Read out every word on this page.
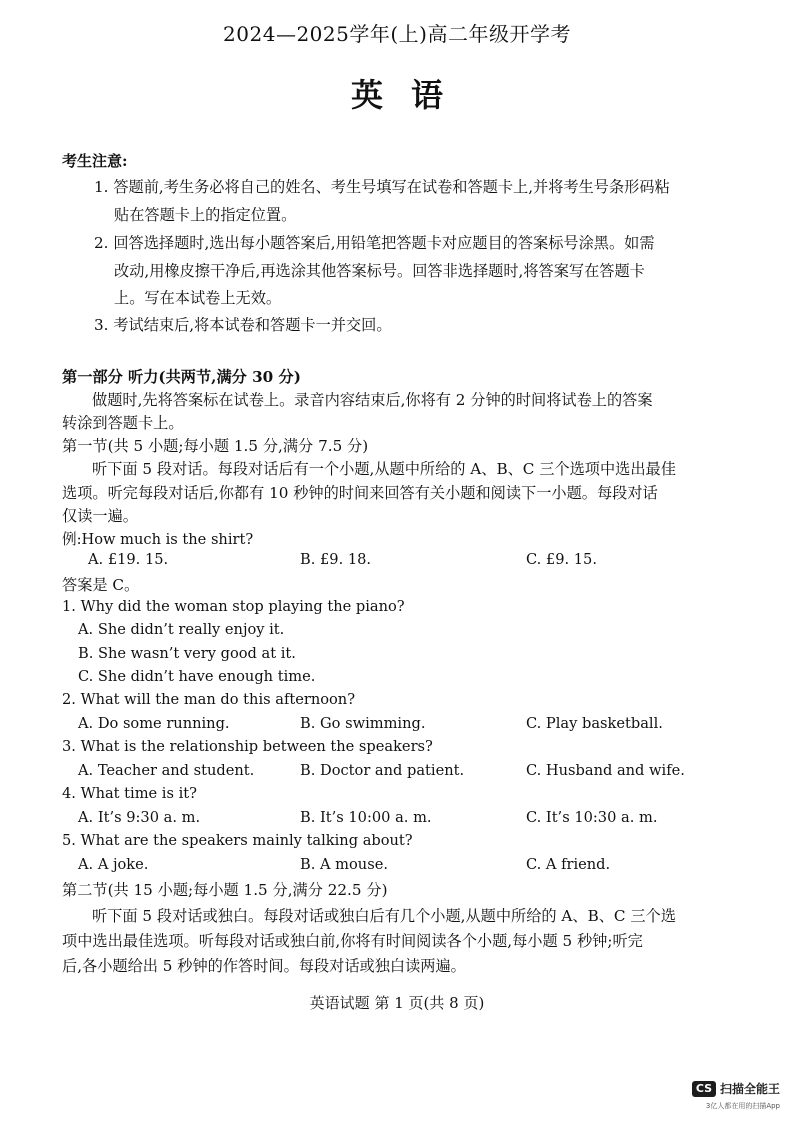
2024—2025学年(上)高二年级开学考
英语
考生注意:
1. 答题前,考生务必将自己的姓名、考生号填写在试卷和答题卡上,并将考生号条形码粘
贴在答题卡上的指定位置。
2. 回答选择题时,选出每小题答案后,用铅笔把答题卡对应题目的答案标号涂黑。如需
改动,用橡皮擦干净后,再选涂其他答案标号。回答非选择题时,将答案写在答题卡
上。写在本试卷上无效。
3. 考试结束后,将本试卷和答题卡一并交回。
第一部分 听力(共两节,满分 30 分)
做题时,先将答案标在试卷上。录音内容结束后,你将有 2 分钟的时间将试卷上的答案
转涂到答题卡上。
第一节(共 5 小题;每小题 1.5 分,满分 7.5 分)
听下面 5 段对话。每段对话后有一个小题,从题中所给的 A、B、C 三个选项中选出最佳
选项。听完每段对话后,你都有 10 秒钟的时间来回答有关小题和阅读下一小题。每段对话
仅读一遍。
例:How much is the shirt?
A. £19. 15.	B. £9. 18.	C. £9. 15.
答案是 C。
1. Why did the woman stop playing the piano?
A. She didn’t really enjoy it.
B. She wasn’t very good at it.
C. She didn’t have enough time.
2. What will the man do this afternoon?
A. Do some running.	B. Go swimming.	C. Play basketball.
3. What is the relationship between the speakers?
A. Teacher and student.	B. Doctor and patient.	C. Husband and wife.
4. What time is it?
A. It’s 9:30 a. m.	B. It’s 10:00 a. m.	C. It’s 10:30 a. m.
5. What are the speakers mainly talking about?
A. A joke.	B. A mouse.	C. A friend.
第二节(共 15 小题;每小题 1.5 分,满分 22.5 分)
听下面 5 段对话或独白。每段对话或独白后有几个小题,从题中所给的 A、B、C 三个选
项中选出最佳选项。听每段对话或独白前,你将有时间阅读各个小题,每小题 5 秒钟;听完
后,各小题给出 5 秒钟的作答时间。每段对话或独白读两遍。
英语试题 第 1 页(共 8 页)
CS 扫描全能王
3亿人都在用的扫描App
